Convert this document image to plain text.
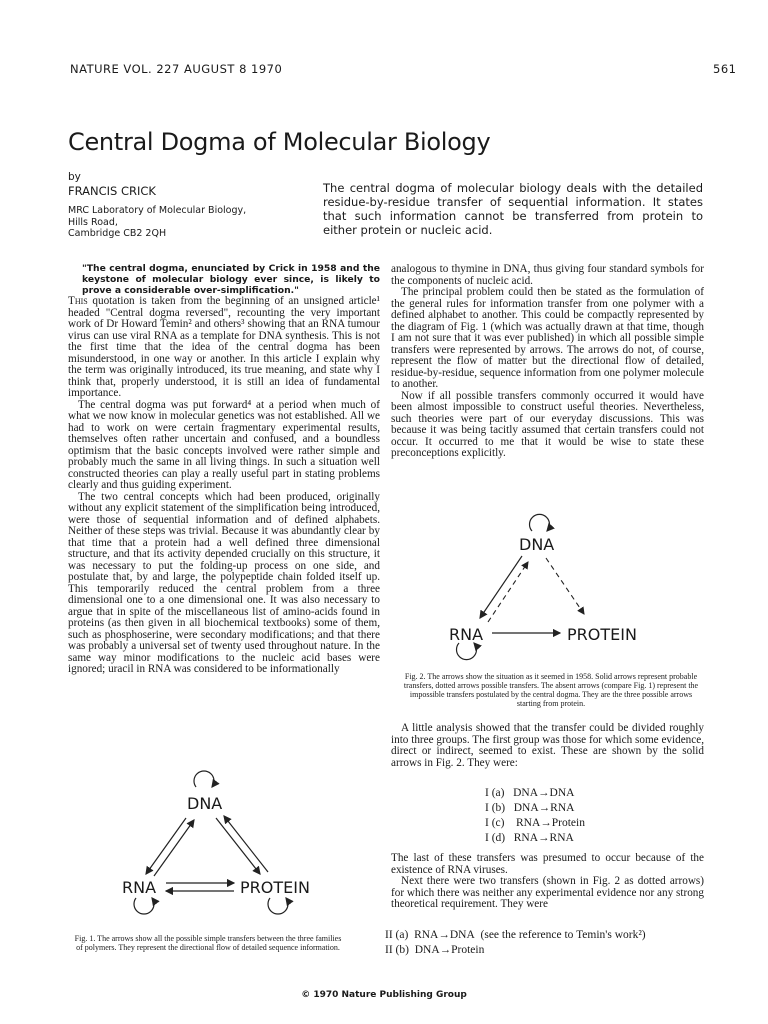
NATURE VOL. 227 AUGUST 8 1970	561
Central Dogma of Molecular Biology
by
FRANCIS CRICK
MRC Laboratory of Molecular Biology,
Hills Road,
Cambridge CB2 2QH
The central dogma of molecular biology deals with the detailed residue-by-residue transfer of sequential information. It states that such information cannot be transferred from protein to either protein or nucleic acid.
"The central dogma, enunciated by Crick in 1958 and the keystone of molecular biology ever since, is likely to prove a considerable over-simplification."

This quotation is taken from the beginning of an unsigned article¹ headed "Central dogma reversed", recounting the very important work of Dr Howard Temin² and others³ showing that an RNA tumour virus can use viral RNA as a template for DNA synthesis. This is not the first time that the idea of the central dogma has been misunderstood, in one way or another. In this article I explain why the term was originally introduced, its true meaning, and state why I think that, properly understood, it is still an idea of fundamental importance.

The central dogma was put forward⁴ at a period when much of what we now know in molecular genetics was not established. All we had to work on were certain fragmentary experimental results, themselves often rather uncertain and confused, and a boundless optimism that the basic concepts involved were rather simple and probably much the same in all living things. In such a situation well constructed theories can play a really useful part in stating problems clearly and thus guiding experiment.

The two central concepts which had been produced, originally without any explicit statement of the simplification being introduced, were those of sequential information and of defined alphabets. Neither of these steps was trivial. Because it was abundantly clear by that time that a protein had a well defined three dimensional structure, and that its activity depended crucially on this structure, it was necessary to put the folding-up process on one side, and postulate that, by and large, the polypeptide chain folded itself up. This temporarily reduced the central problem from a three dimensional one to a one dimensional one. It was also necessary to argue that in spite of the miscellaneous list of amino-acids found in proteins (as then given in all biochemical textbooks) some of them, such as phosphoserine, were secondary modifications; and that there was probably a universal set of twenty used throughout nature. In the same way minor modifications to the nucleic acid bases were ignored; uracil in RNA was considered to be informationally

DNA
RNA	PROTEIN
Fig. 1. The arrows show all the possible simple transfers between the three families of polymers. They represent the directional flow of detailed sequence information.

analogous to thymine in DNA, thus giving four standard symbols for the components of nucleic acid.

The principal problem could then be stated as the formulation of the general rules for information transfer from one polymer with a defined alphabet to another. This could be compactly represented by the diagram of Fig. 1 (which was actually drawn at that time, though I am not sure that it was ever published) in which all possible simple transfers were represented by arrows. The arrows do not, of course, represent the flow of matter but the directional flow of detailed, residue-by-residue, sequence information from one polymer molecule to another.

Now if all possible transfers commonly occurred it would have been almost impossible to construct useful theories. Nevertheless, such theories were part of our everyday discussions. This was because it was being tacitly assumed that certain transfers could not occur. It occurred to me that it would be wise to state these preconceptions explicitly.

DNA
RNA	PROTEIN
Fig. 2. The arrows show the situation as it seemed in 1958. Solid arrows represent probable transfers, dotted arrows possible transfers. The absent arrows (compare Fig. 1) represent the impossible transfers postulated by the central dogma. They are the three possible arrows starting from protein.

A little analysis showed that the transfer could be divided roughly into three groups. The first group was those for which some evidence, direct or indirect, seemed to exist. These are shown by the solid arrows in Fig. 2. They were:

I (a) DNA→DNA
I (b) DNA→RNA
I (c) RNA→Protein
I (d) RNA→RNA

The last of these transfers was presumed to occur because of the existence of RNA viruses.

Next there were two transfers (shown in Fig. 2 as dotted arrows) for which there was neither any experimental evidence nor any strong theoretical requirement. They were

II (a) RNA→DNA (see the reference to Temin's work²)
II (b) DNA→Protein
© 1970 Nature Publishing Group
